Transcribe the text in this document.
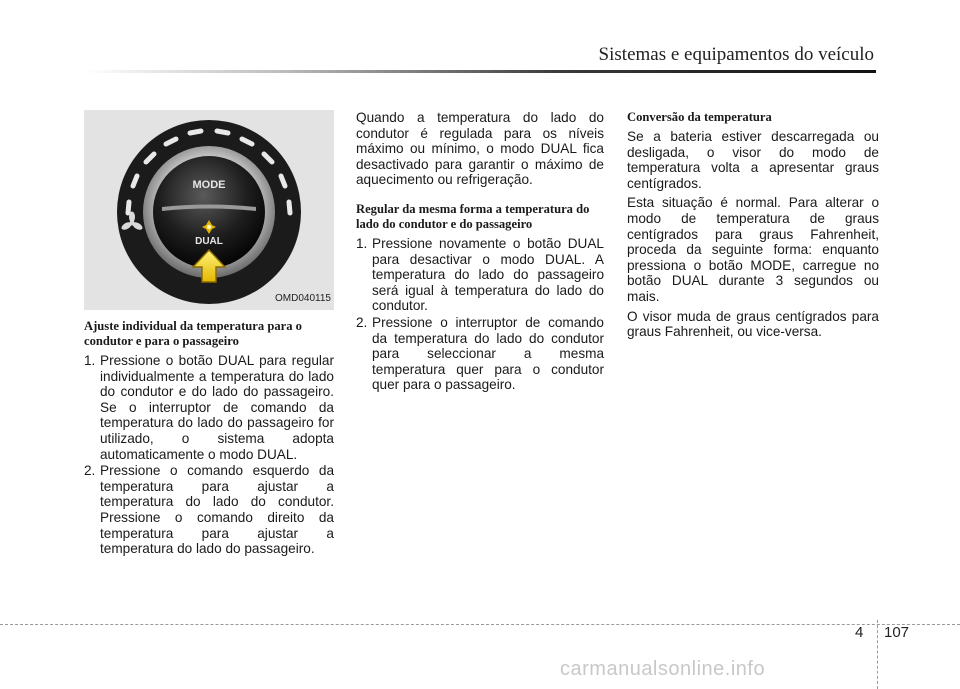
Sistemas e equipamentos do veículo
MODE
DUAL
OMD040115
Ajuste individual da temperatura para o condutor e para o passageiro
1. Pressione o botão DUAL para regular individualmente a temperatura do lado do condutor e do lado do passageiro. Se o interruptor de comando da temperatura do lado do passageiro for utilizado, o sistema adopta automaticamente o modo DUAL.
2. Pressione o comando esquerdo da temperatura para ajustar a temperatura do lado do condutor. Pressione o comando direito da temperatura para ajustar a temperatura do lado do passageiro.

Quando a temperatura do lado do condutor é regulada para os níveis máximo ou mínimo, o modo DUAL fica desactivado para garantir o máximo de aquecimento ou refrigeração.

Regular da mesma forma a temperatura do lado do condutor e do passageiro
1. Pressione novamente o botão DUAL para desactivar o modo DUAL. A temperatura do lado do passageiro será igual à temperatura do lado do condutor.
2. Pressione o interruptor de comando da temperatura do lado do condutor para seleccionar a mesma temperatura quer para o condutor quer para o passageiro.
Conversão da temperatura

Se a bateria estiver descarregada ou desligada, o visor do modo de temperatura volta a apresentar graus centígrados.

Esta situação é normal. Para alterar o modo de temperatura de graus centígrados para graus Fahrenheit, proceda da seguinte forma: enquanto pressiona o botão MODE, carregue no botão DUAL durante 3 segundos ou mais.

O visor muda de graus centígrados para graus Fahrenheit, ou vice-versa.

4 107
carmanualsonline.info
